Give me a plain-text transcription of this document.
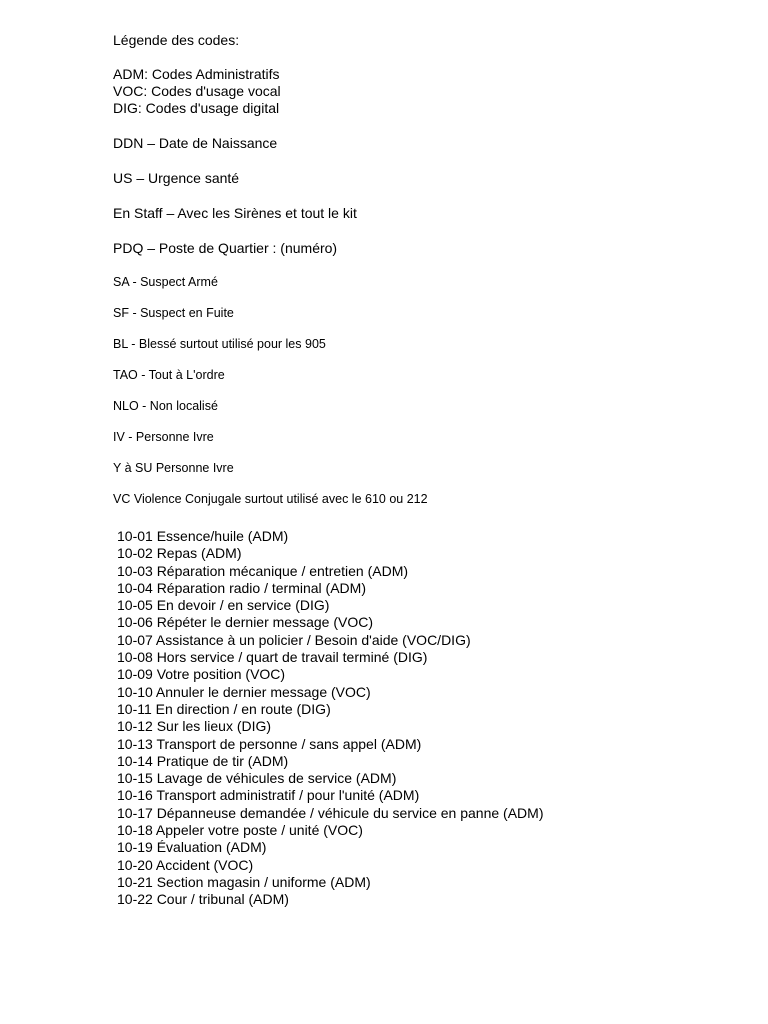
Légende des codes:
ADM: Codes Administratifs
VOC: Codes d'usage vocal
DIG: Codes d'usage digital
DDN – Date de Naissance
US – Urgence santé
En Staff – Avec les Sirènes et tout le kit
PDQ – Poste de Quartier : (numéro)
SA - Suspect Armé
SF - Suspect en Fuite
BL - Blessé surtout utilisé pour les 905
TAO - Tout à L'ordre
NLO - Non localisé
IV - Personne Ivre
Y à SU Personne Ivre
VC Violence Conjugale surtout utilisé avec le 610 ou 212
10-01 Essence/huile (ADM)
10-02 Repas (ADM)
10-03 Réparation mécanique / entretien (ADM)
10-04 Réparation radio / terminal (ADM)
10-05 En devoir / en service (DIG)
10-06 Répéter le dernier message (VOC)
10-07 Assistance à un policier / Besoin d'aide (VOC/DIG)
10-08 Hors service / quart de travail terminé (DIG)
10-09 Votre position (VOC)
10-10 Annuler le dernier message (VOC)
10-11 En direction / en route (DIG)
10-12 Sur les lieux (DIG)
10-13 Transport de personne / sans appel (ADM)
10-14 Pratique de tir (ADM)
10-15 Lavage de véhicules de service (ADM)
10-16 Transport administratif / pour l'unité (ADM)
10-17 Dépanneuse demandée / véhicule du service en panne (ADM)
10-18 Appeler votre poste / unité (VOC)
10-19 Évaluation (ADM)
10-20 Accident (VOC)
10-21 Section magasin / uniforme (ADM)
10-22 Cour / tribunal (ADM)
